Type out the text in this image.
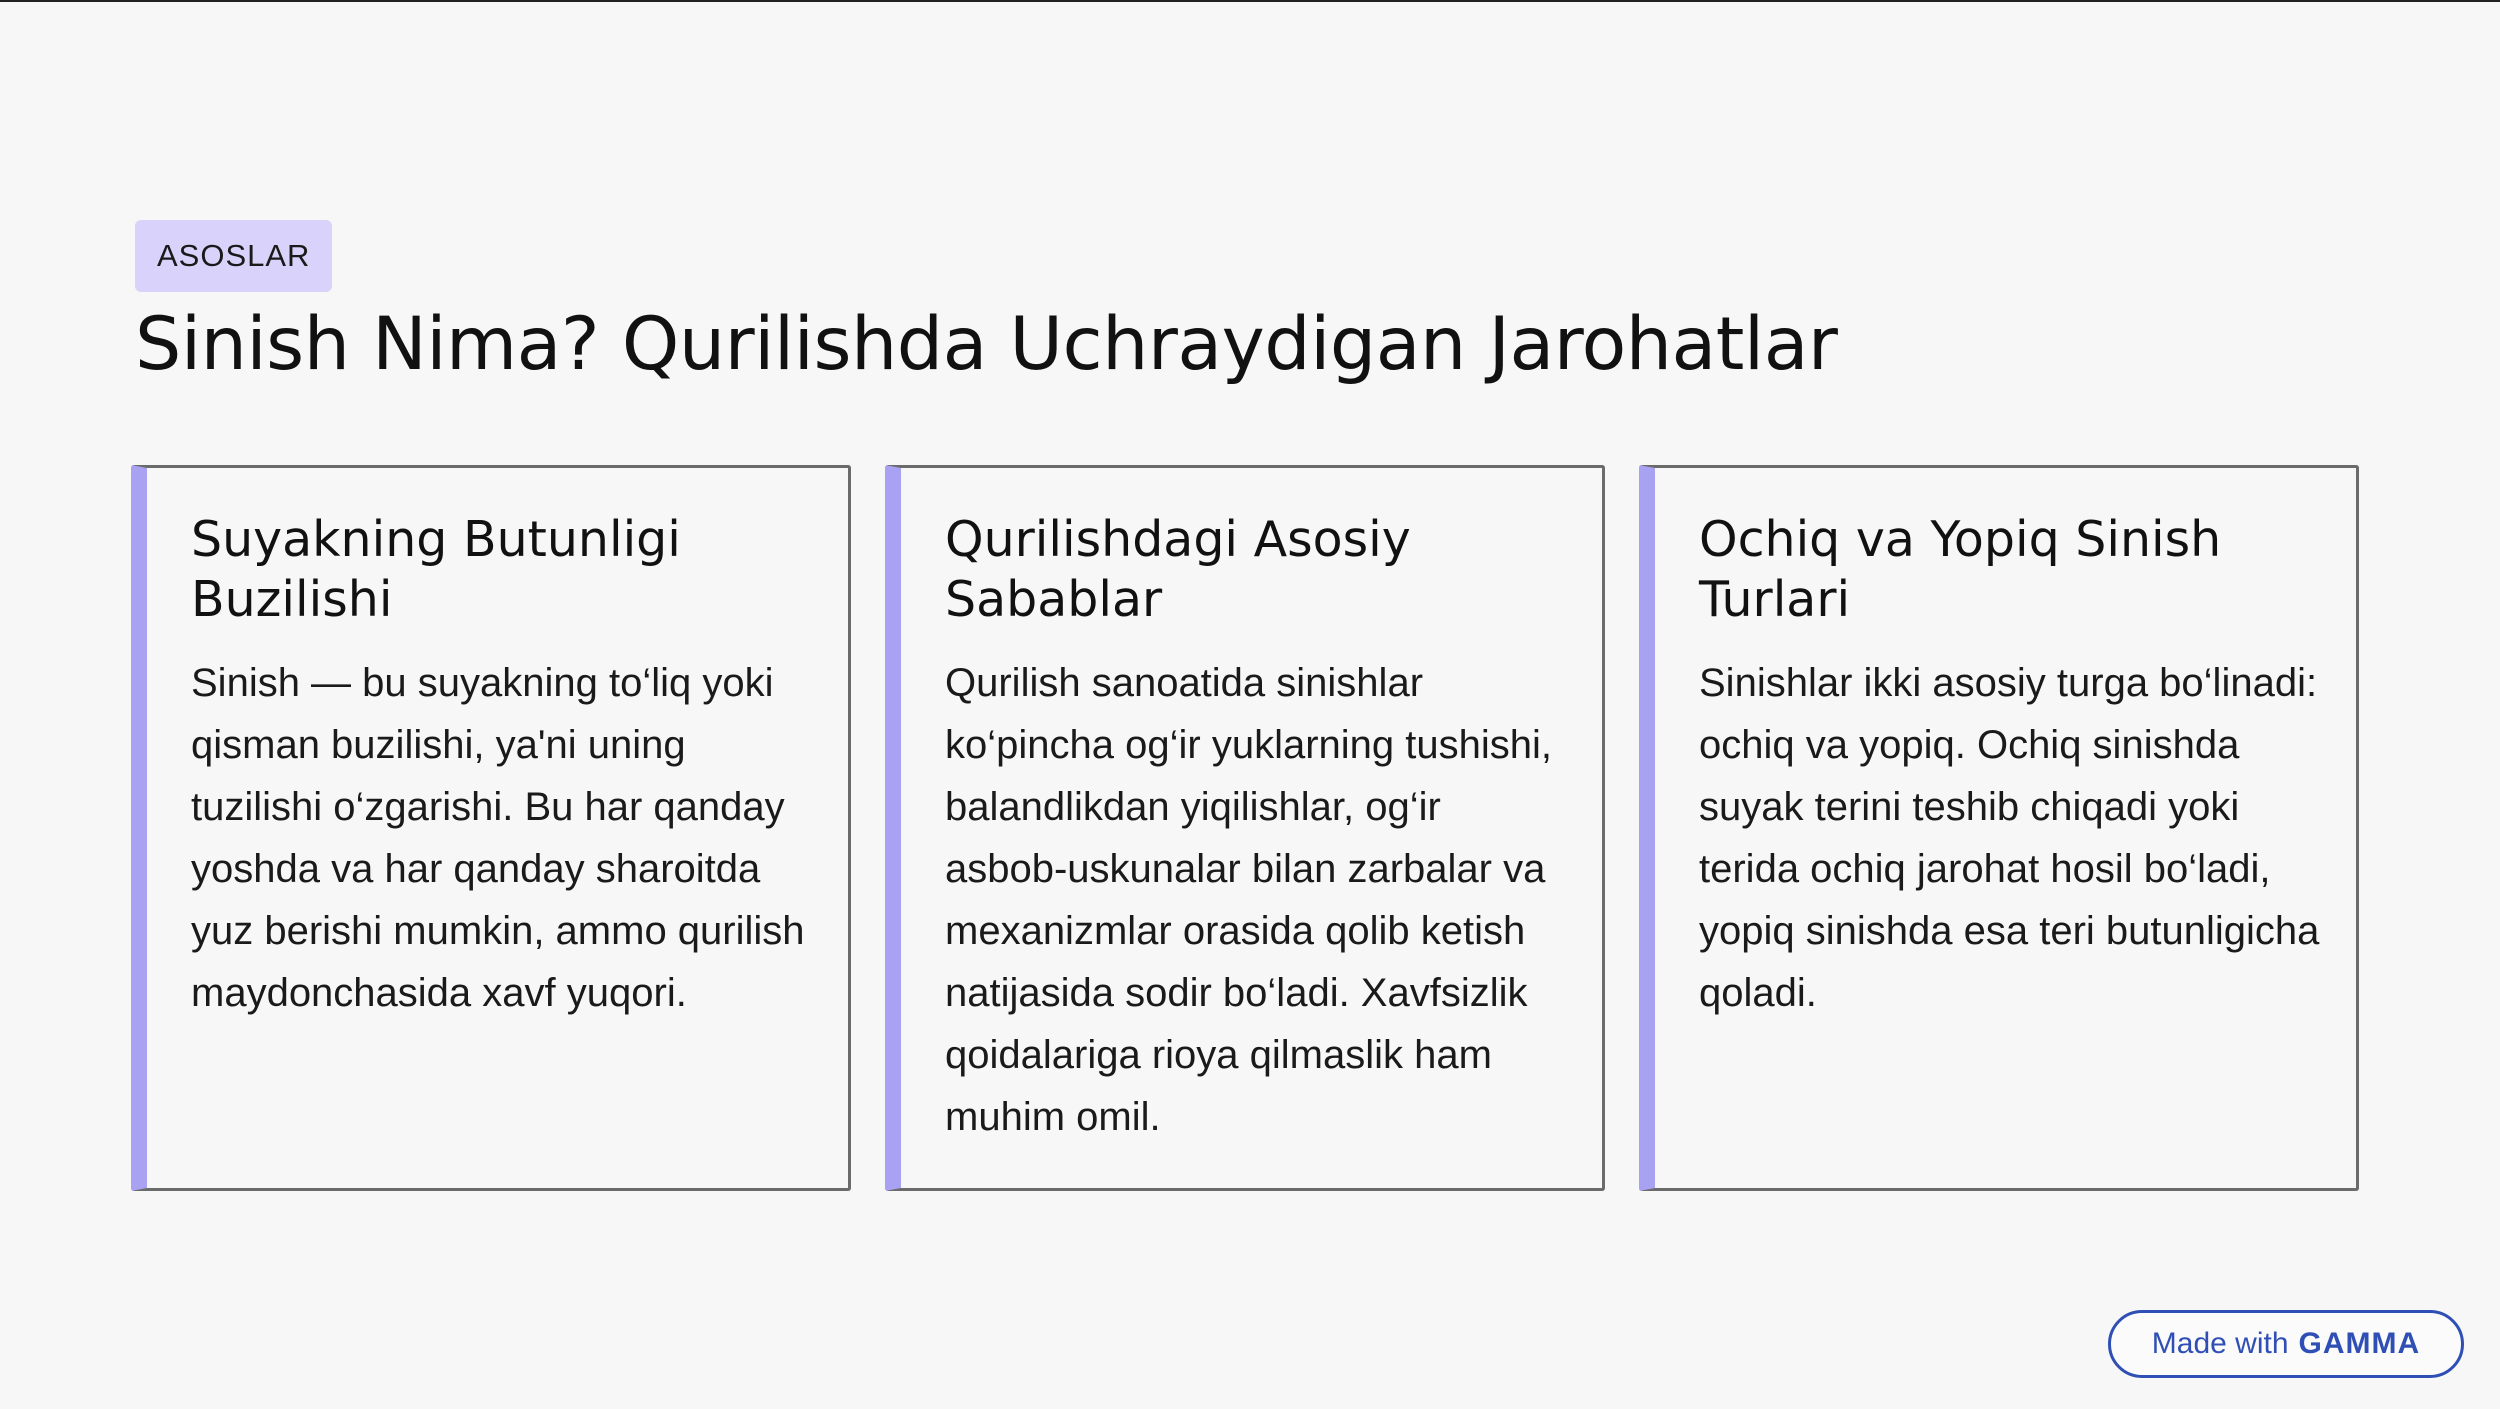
ASOSLAR
Sinish Nima? Qurilishda Uchraydigan Jarohatlar
Suyakning Butunligi Buzilishi

Sinish — bu suyakning to‘liq yoki qisman buzilishi, ya'ni uning tuzilishi o‘zgarishi. Bu har qanday yoshda va har qanday sharoitda yuz berishi mumkin, ammo qurilish maydonchasida xavf yuqori.

Qurilishdagi Asosiy Sabablar

Qurilish sanoatida sinishlar ko‘pincha og‘ir yuklarning tushishi, balandlikdan yiqilishlar, og‘ir asbob-uskunalar bilan zarbalar va mexanizmlar orasida qolib ketish natijasida sodir bo‘ladi. Xavfsizlik qoidalariga rioya qilmaslik ham muhim omil.

Ochiq va Yopiq Sinish Turlari

Sinishlar ikki asosiy turga bo‘linadi: ochiq va yopiq. Ochiq sinishda suyak terini teshib chiqadi yoki terida ochiq jarohat hosil bo‘ladi, yopiq sinishda esa teri butunligicha qoladi.

Made with GAMMA
